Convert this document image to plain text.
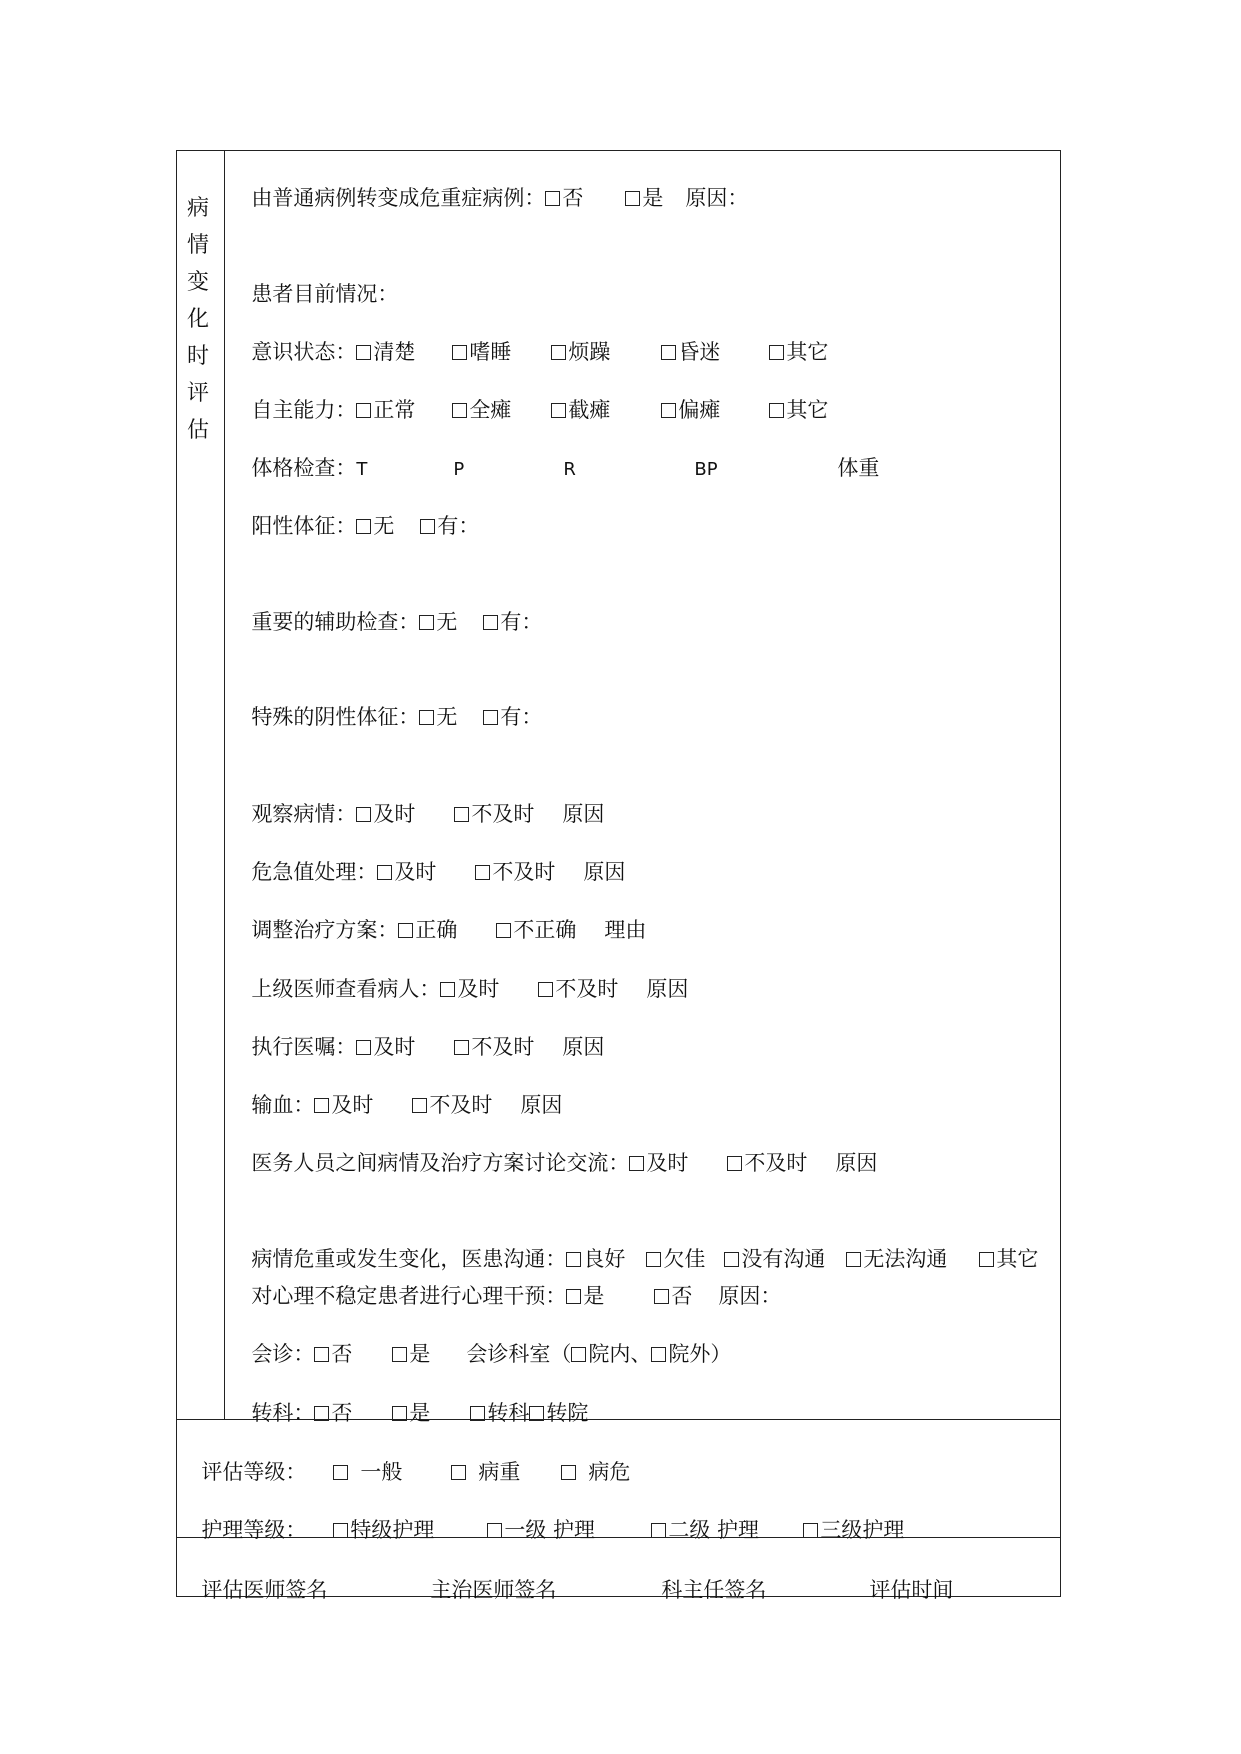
病
情
变
化
时
评
估

由普通病例转变成危重症病例： 否	是 原因：

患者目前情况：

意识状态： 清楚	嗜睡	烦躁	昏迷	其它

自主能力： 正常	全瘫	截瘫	偏瘫	其它

体格检查：T	P	R	BP	体重

阳性体征： 无 有：

重要的辅助检查： 无 有：

特殊的阴性体征： 无 有：

观察病情： 及时	不及时 原因

危急值处理： 及时	不及时 原因

调整治疗方案： 正确	不正确 理由

上级医师查看病人： 及时	不及时 原因

执行医嘱： 及时	不及时 原因

输血： 及时	不及时 原因

医务人员之间病情及治疗方案讨论交流： 及时	不及时 原因

病情危重或发生变化，医患沟通： 良好 欠佳 没有沟通 无法沟通 其它

对心理不稳定患者进行心理干预： 是	否 原因：

会诊： 否	是 会诊科室（ 院内、 院外）

转科： 否	是	转科 转院

评估等级：	一般	病重	病危

护理等级： 特级护理	一级 护理	二级 护理	三级护理

评估医师签名	主治医师签名	科主任签名	评估时间
